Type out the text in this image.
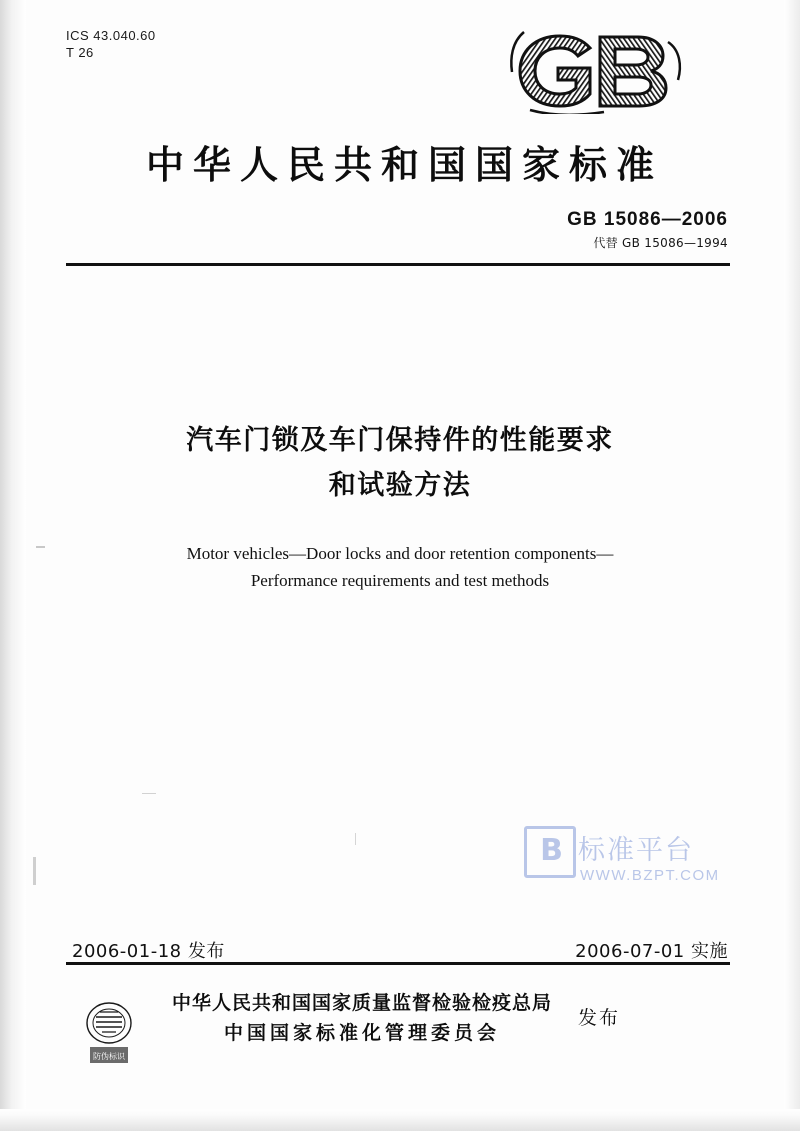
ICS 43.040.60
T 26
中华人民共和国国家标准
GB 15086—2006
代替 GB 15086—1994
汽车门锁及车门保持件的性能要求
和试验方法
Motor vehicles—Door locks and door retention components—
Performance requirements and test methods
B 标准平台
WWW.BZPT.COM
2006-01-18 发布	2006-07-01 实施
防伪标识
中华人民共和国国家质量监督检验检疫总局
中国国家标准化管理委员会
发布
